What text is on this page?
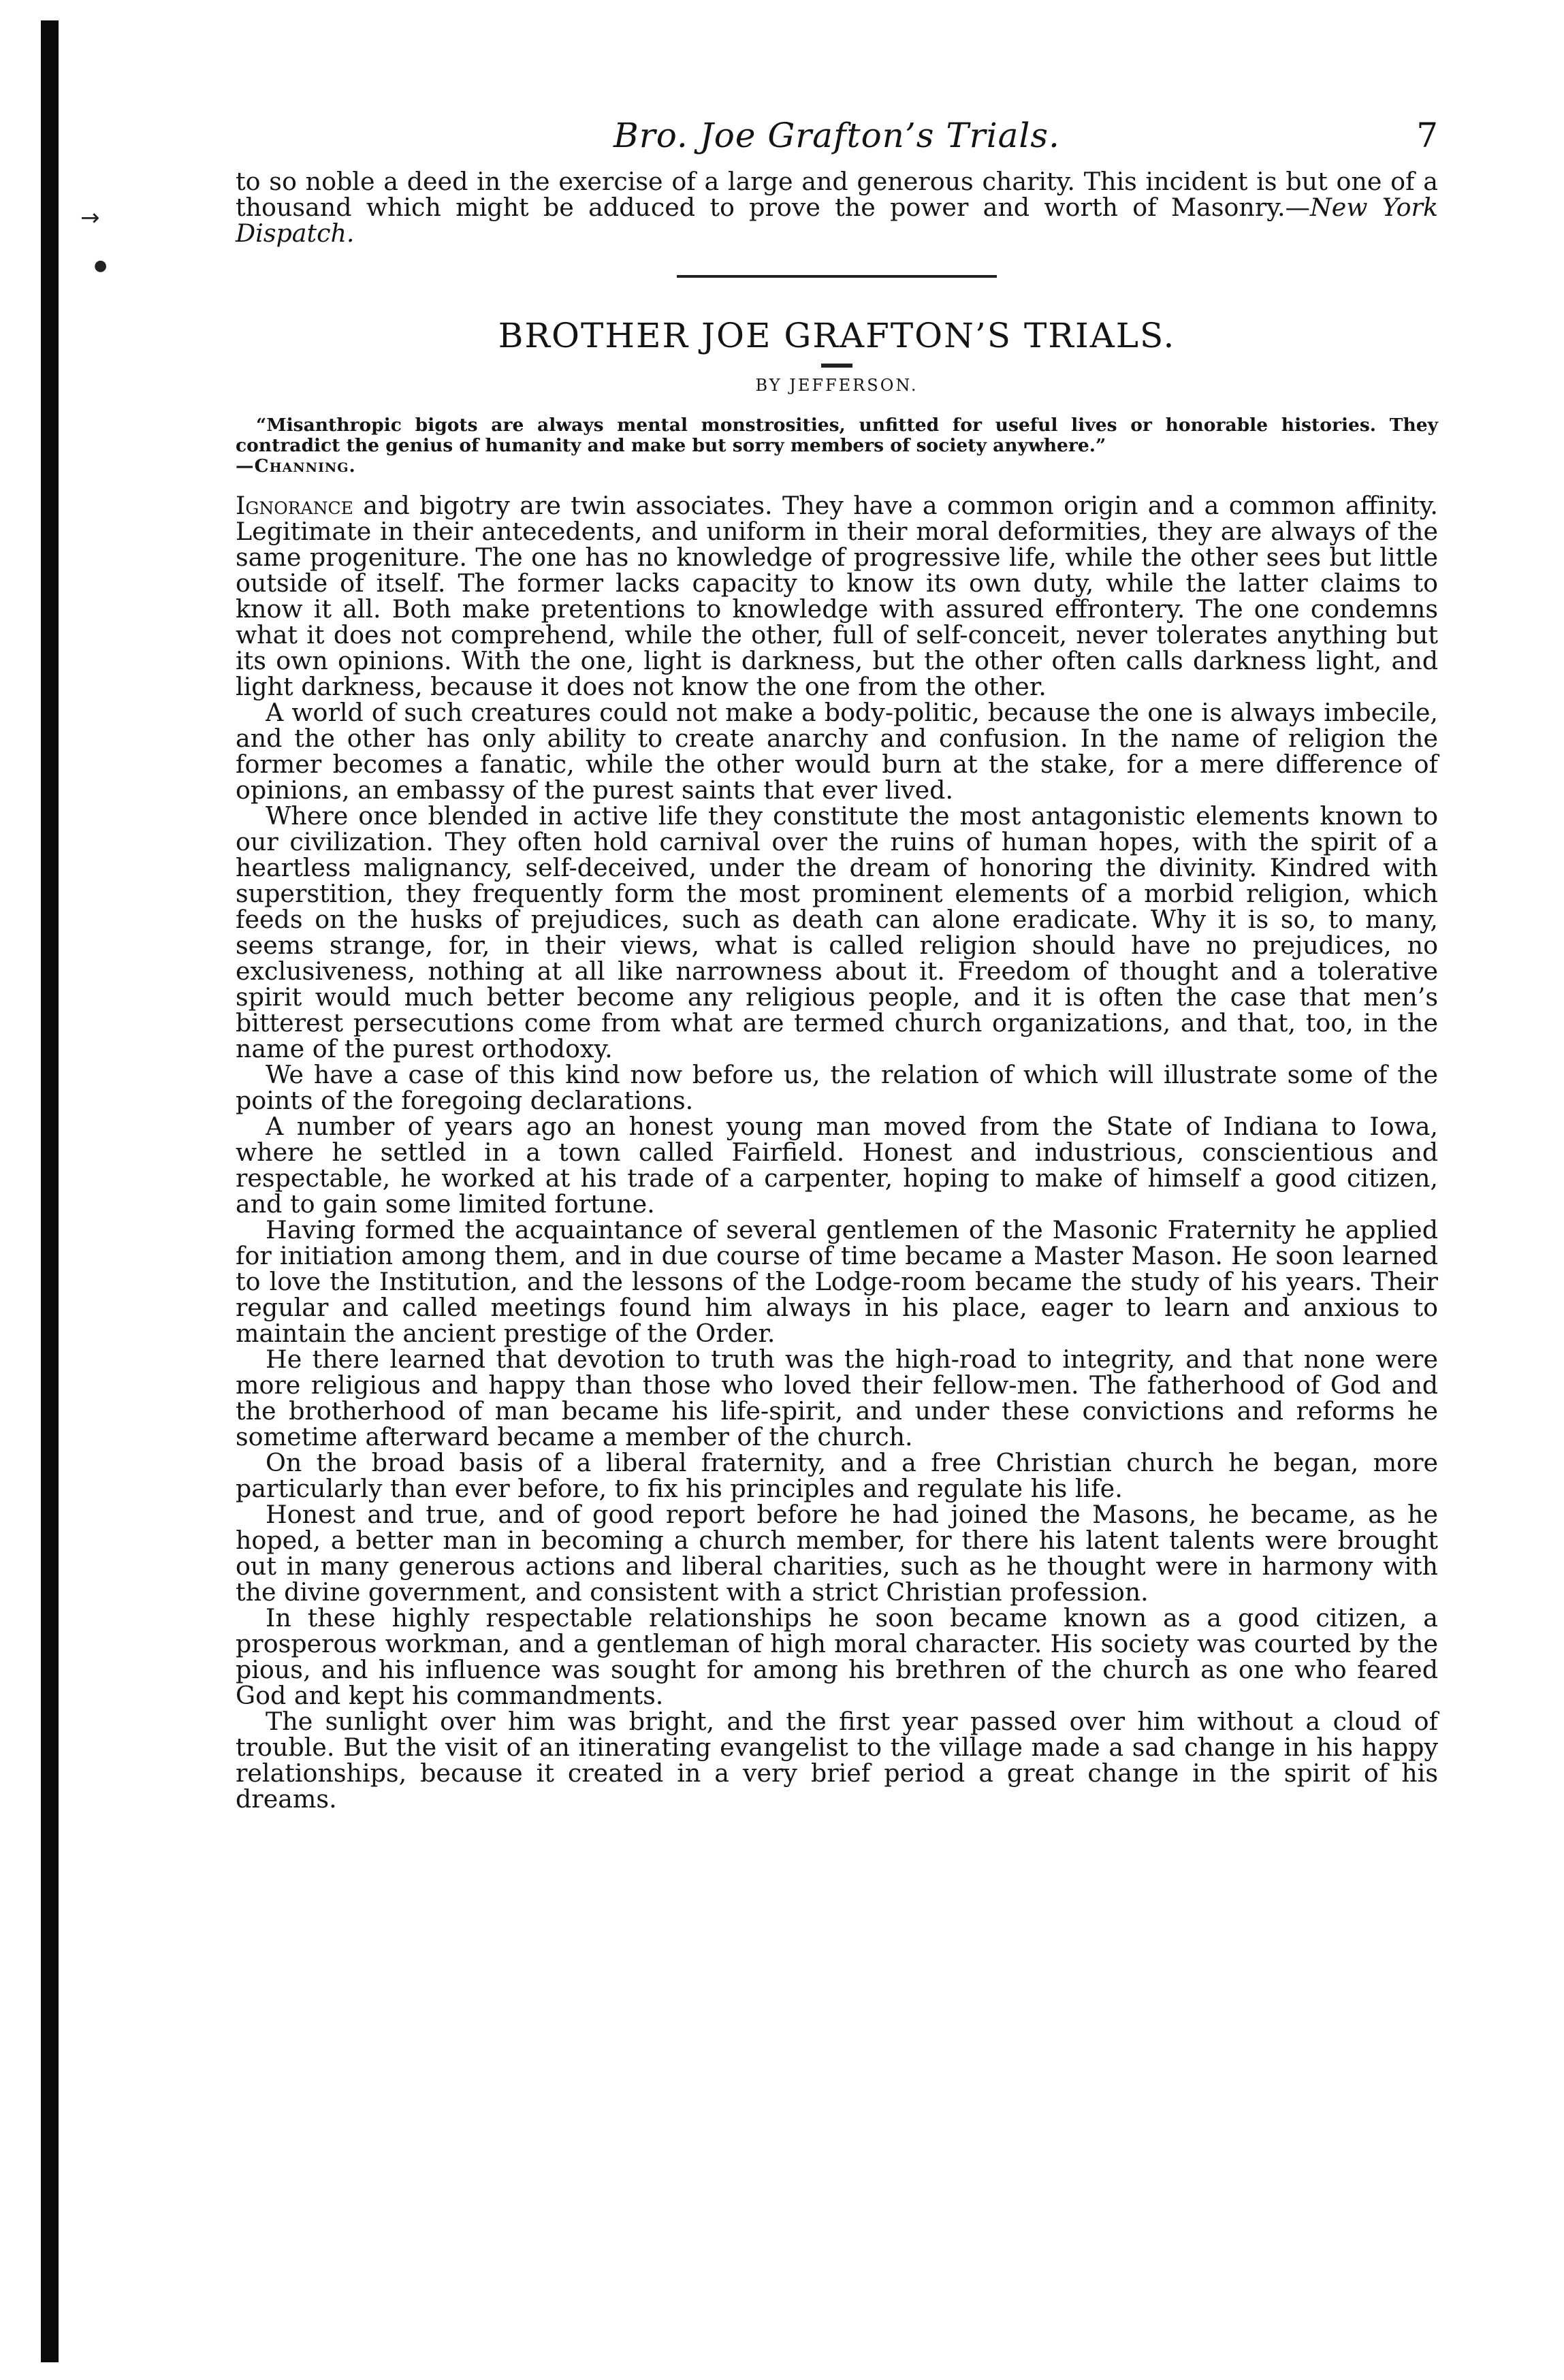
→
●
Bro. Joe Grafton’s Trials.	7

to so noble a deed in the exercise of a large and generous charity. This incident is but one of a thousand which might be adduced to prove the power and worth of Masonry.—New York Dispatch.

BROTHER JOE GRAFTON’S TRIALS.
BY JEFFERSON.
“Misanthropic bigots are always mental monstrosities, unfitted for useful lives or honorable histories. They contradict the genius of humanity and make but sorry members of society anywhere.”
—Channing.

Ignorance and bigotry are twin associates. They have a common origin and a common affinity. Legitimate in their antecedents, and uniform in their moral deformities, they are always of the same progeniture. The one has no knowledge of progressive life, while the other sees but little outside of itself. The former lacks capacity to know its own duty, while the latter claims to know it all. Both make pretentions to knowledge with assured effrontery. The one condemns what it does not comprehend, while the other, full of self-conceit, never tolerates anything but its own opinions. With the one, light is darkness, but the other often calls darkness light, and light darkness, because it does not know the one from the other.

A world of such creatures could not make a body-politic, because the one is always imbecile, and the other has only ability to create anarchy and confusion. In the name of religion the former becomes a fanatic, while the other would burn at the stake, for a mere difference of opinions, an embassy of the purest saints that ever lived.

Where once blended in active life they constitute the most antagonistic elements known to our civilization. They often hold carnival over the ruins of human hopes, with the spirit of a heartless malignancy, self-deceived, under the dream of honoring the divinity. Kindred with superstition, they frequently form the most prominent elements of a morbid religion, which feeds on the husks of prejudices, such as death can alone eradicate. Why it is so, to many, seems strange, for, in their views, what is called religion should have no prejudices, no exclusiveness, nothing at all like narrowness about it. Freedom of thought and a tolerative spirit would much better become any religious people, and it is often the case that men’s bitterest persecutions come from what are termed church organizations, and that, too, in the name of the purest orthodoxy.

We have a case of this kind now before us, the relation of which will illustrate some of the points of the foregoing declarations.

A number of years ago an honest young man moved from the State of Indiana to Iowa, where he settled in a town called Fairfield. Honest and industrious, conscientious and respectable, he worked at his trade of a carpenter, hoping to make of himself a good citizen, and to gain some limited fortune.

Having formed the acquaintance of several gentlemen of the Masonic Fraternity he applied for initiation among them, and in due course of time became a Master Mason. He soon learned to love the Institution, and the lessons of the Lodge-room became the study of his years. Their regular and called meetings found him always in his place, eager to learn and anxious to maintain the ancient prestige of the Order.

He there learned that devotion to truth was the high-road to integrity, and that none were more religious and happy than those who loved their fellow-men. The fatherhood of God and the brotherhood of man became his life-spirit, and under these convictions and reforms he sometime afterward became a member of the church.

On the broad basis of a liberal fraternity, and a free Christian church he began, more particularly than ever before, to fix his principles and regulate his life.

Honest and true, and of good report before he had joined the Masons, he became, as he hoped, a better man in becoming a church member, for there his latent talents were brought out in many generous actions and liberal charities, such as he thought were in harmony with the divine government, and consistent with a strict Christian profession.

In these highly respectable relationships he soon became known as a good citizen, a prosperous workman, and a gentleman of high moral character. His society was courted by the pious, and his influence was sought for among his brethren of the church as one who feared God and kept his commandments.

The sunlight over him was bright, and the first year passed over him without a cloud of trouble. But the visit of an itinerating evangelist to the village made a sad change in his happy relationships, because it created in a very brief period a great change in the spirit of his dreams.
